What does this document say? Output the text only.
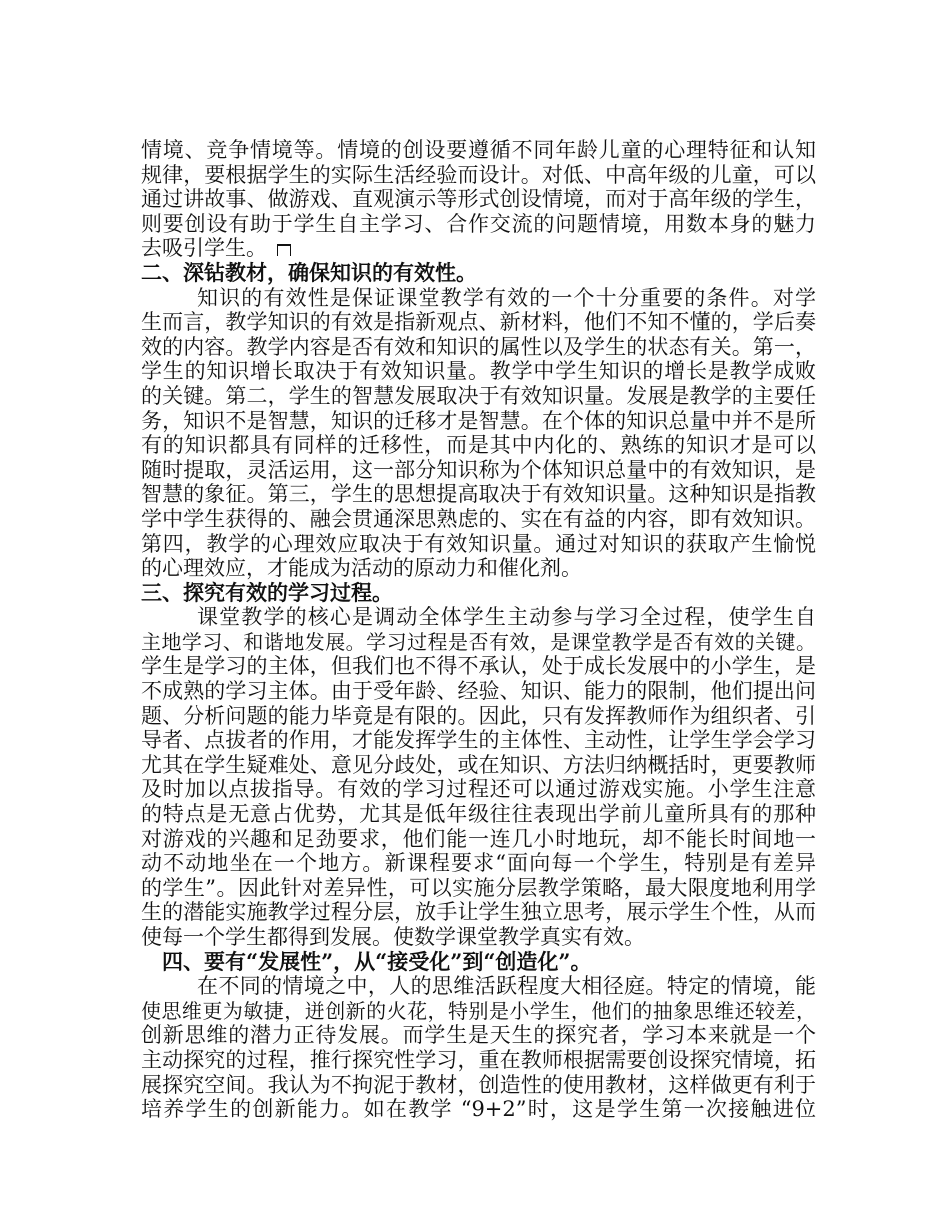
情境、竞争情境等。情境的创设要遵循不同年龄儿童的心理特征和认知
规律，要根据学生的实际生活经验而设计。对低、中高年级的儿童，可以
通过讲故事、做游戏、直观演示等形式创设情境，而对于高年级的学生，
则要创设有助于学生自主学习、合作交流的问题情境，用数本身的魅力
去吸引学生。
二、深钻教材，确保知识的有效性。
知识的有效性是保证课堂教学有效的一个十分重要的条件。对学
生而言，教学知识的有效是指新观点、新材料，他们不知不懂的，学后奏
效的内容。教学内容是否有效和知识的属性以及学生的状态有关。第一，
学生的知识增长取决于有效知识量。教学中学生知识的增长是教学成败
的关键。第二，学生的智慧发展取决于有效知识量。发展是教学的主要任
务，知识不是智慧，知识的迁移才是智慧。在个体的知识总量中并不是所
有的知识都具有同样的迁移性，而是其中内化的、熟练的知识才是可以
随时提取，灵活运用，这一部分知识称为个体知识总量中的有效知识，是
智慧的象征。第三，学生的思想提高取决于有效知识量。这种知识是指教
学中学生获得的、融会贯通深思熟虑的、实在有益的内容，即有效知识。
第四，教学的心理效应取决于有效知识量。通过对知识的获取产生愉悦
的心理效应，才能成为活动的原动力和催化剂。
三、探究有效的学习过程。
课堂教学的核心是调动全体学生主动参与学习全过程，使学生自
主地学习、和谐地发展。学习过程是否有效，是课堂教学是否有效的关键。
学生是学习的主体，但我们也不得不承认，处于成长发展中的小学生，是
不成熟的学习主体。由于受年龄、经验、知识、能力的限制，他们提出问
题、分析问题的能力毕竟是有限的。因此，只有发挥教师作为组织者、引
导者、点拔者的作用，才能发挥学生的主体性、主动性，让学生学会学习
尤其在学生疑难处、意见分歧处，或在知识、方法归纳概括时，更要教师
及时加以点拔指导。有效的学习过程还可以通过游戏实施。小学生注意
的特点是无意占优势，尤其是低年级往往表现出学前儿童所具有的那种
对游戏的兴趣和足劲要求，他们能一连几小时地玩，却不能长时间地一
动不动地坐在一个地方。新课程要求“面向每一个学生，特别是有差异
的学生”。因此针对差异性，可以实施分层教学策略，最大限度地利用学
生的潜能实施教学过程分层，放手让学生独立思考，展示学生个性，从而
使每一个学生都得到发展。使数学课堂教学真实有效。
四、要有“发展性”，从“接受化”到“创造化”。
在不同的情境之中，人的思维活跃程度大相径庭。特定的情境，能
使思维更为敏捷，迸创新的火花，特别是小学生，他们的抽象思维还较差，
创新思维的潜力正待发展。而学生是天生的探究者，学习本来就是一个
主动探究的过程，推行探究性学习，重在教师根据需要创设探究情境，拓
展探究空间。我认为不拘泥于教材，创造性的使用教材，这样做更有利于
培养学生的创新能力。如在教学 “9+2”时，这是学生第一次接触进位
